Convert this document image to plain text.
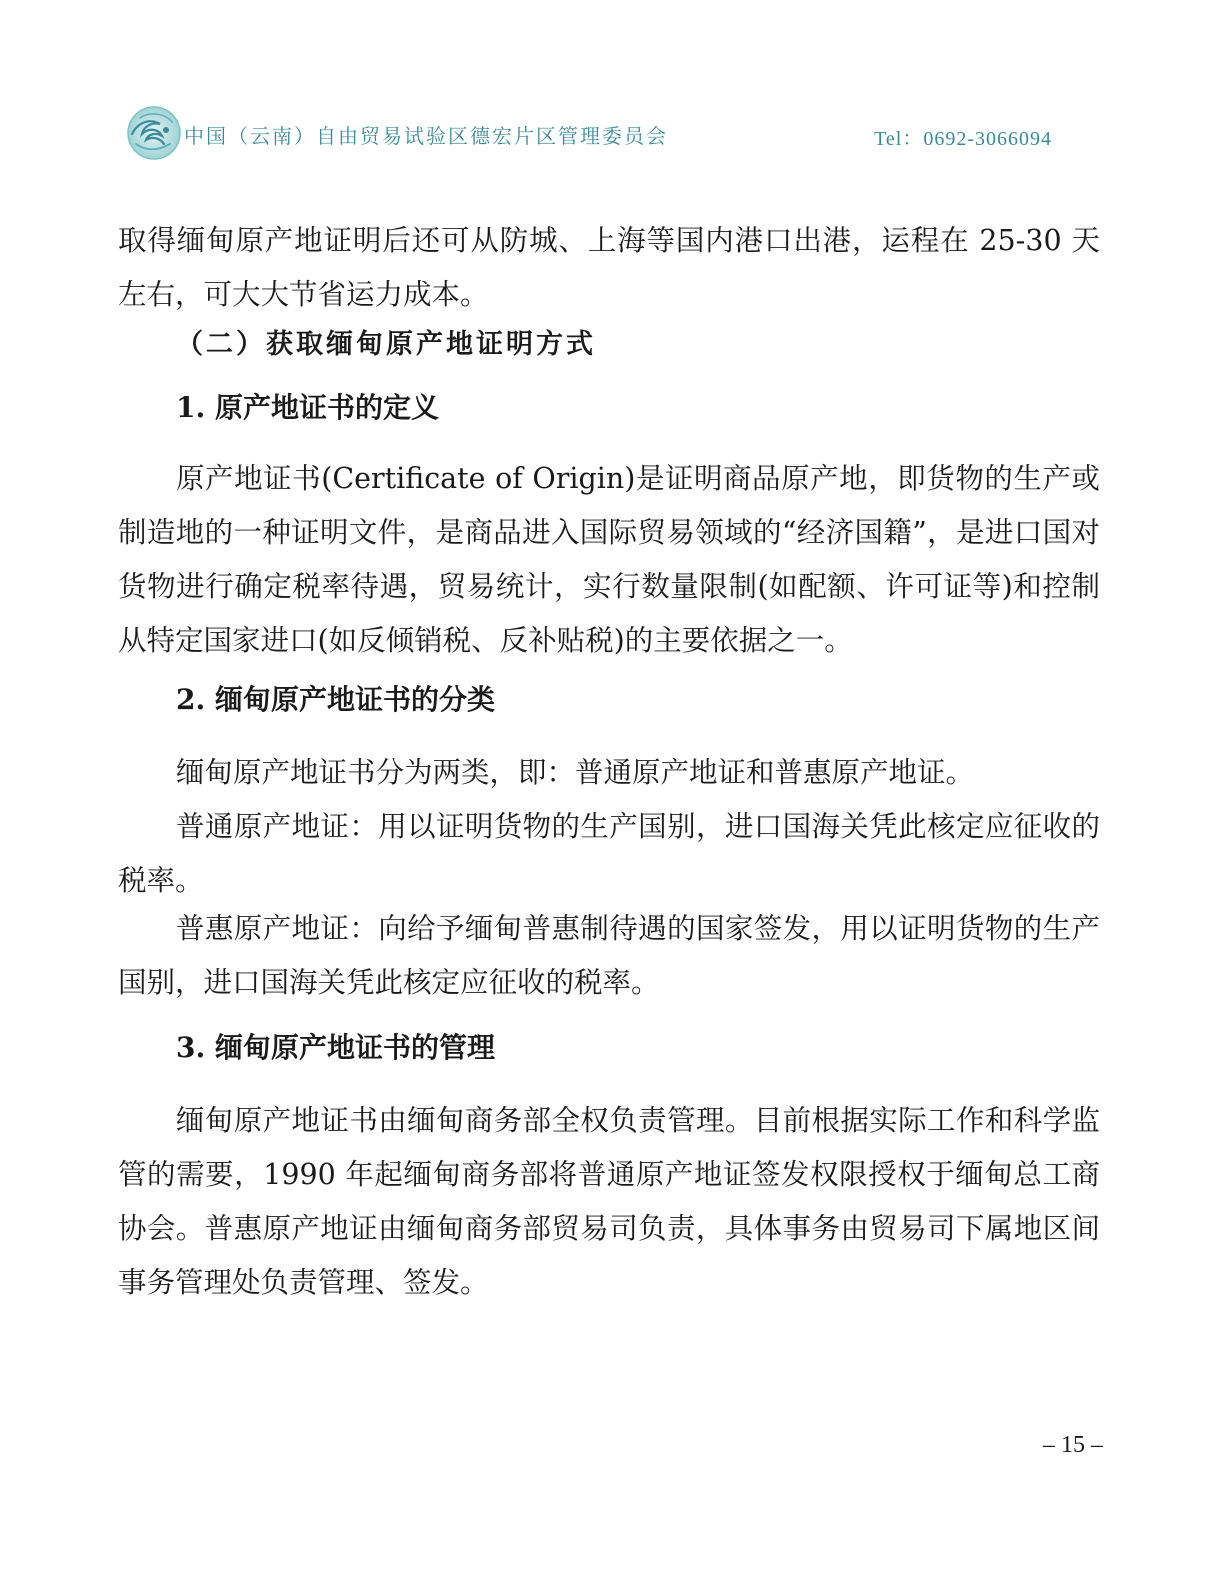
中国（云南）自由贸易试验区德宏片区管理委员会	Tel：0692-3066094
取得缅甸原产地证明后还可从防城、上海等国内港口出港，运程在 25-30 天左右，可大大节省运力成本。
（二）获取缅甸原产地证明方式
1. 原产地证书的定义
原产地证书(Certificate of Origin)是证明商品原产地，即货物的生产或制造地的一种证明文件，是商品进入国际贸易领域的“经济国籍”，是进口国对货物进行确定税率待遇，贸易统计，实行数量限制(如配额、许可证等)和控制从特定国家进口(如反倾销税、反补贴税)的主要依据之一。
2. 缅甸原产地证书的分类
缅甸原产地证书分为两类，即：普通原产地证和普惠原产地证。
普通原产地证：用以证明货物的生产国别，进口国海关凭此核定应征收的税率。
普惠原产地证：向给予缅甸普惠制待遇的国家签发，用以证明货物的生产国别，进口国海关凭此核定应征收的税率。
3. 缅甸原产地证书的管理
缅甸原产地证书由缅甸商务部全权负责管理。目前根据实际工作和科学监管的需要，1990 年起缅甸商务部将普通原产地证签发权限授权于缅甸总工商协会。普惠原产地证由缅甸商务部贸易司负责，具体事务由贸易司下属地区间事务管理处负责管理、签发。
– 15 –
